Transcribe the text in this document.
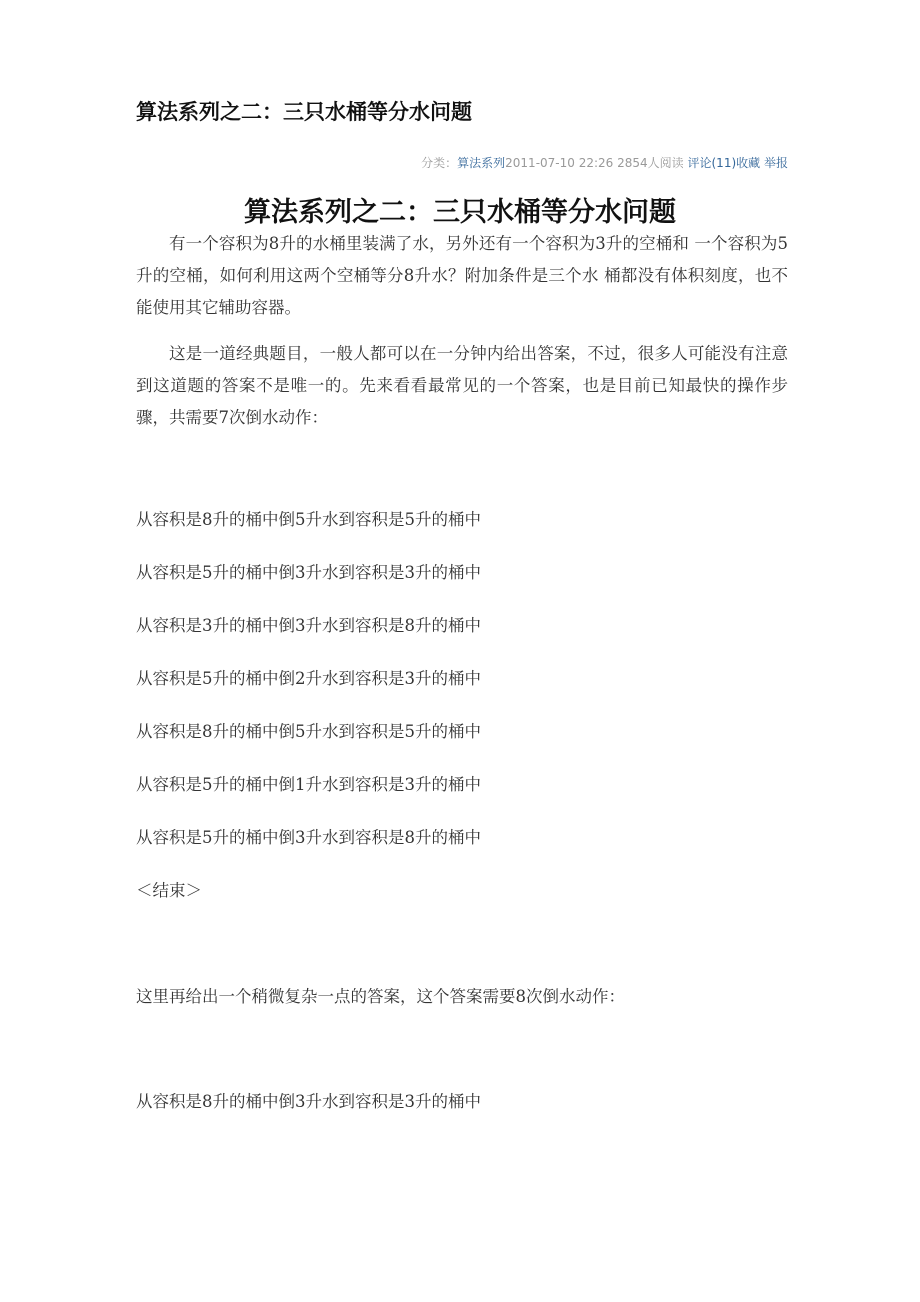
算法系列之二：三只水桶等分水问题
分类：算法系列2011-07-10 22:26 2854人阅读 评论(11)收藏 举报
算法系列之二：三只水桶等分水问题

有一个容积为8升的水桶里装满了水，另外还有一个容积为3升的空桶和 一个容积为5升的空桶，如何利用这两个空桶等分8升水？附加条件是三个水 桶都没有体积刻度，也不能使用其它辅助容器。

这是一道经典题目，一般人都可以在一分钟内给出答案，不过，很多人可能没有注意到这道题的答案不是唯一的。先来看看最常见的一个答案，也是目前已知最快的操作步骤，共需要7次倒水动作：

从容积是8升的桶中倒5升水到容积是5升的桶中

从容积是5升的桶中倒3升水到容积是3升的桶中

从容积是3升的桶中倒3升水到容积是8升的桶中

从容积是5升的桶中倒2升水到容积是3升的桶中

从容积是8升的桶中倒5升水到容积是5升的桶中

从容积是5升的桶中倒1升水到容积是3升的桶中

从容积是5升的桶中倒3升水到容积是8升的桶中

＜结束＞

这里再给出一个稍微复杂一点的答案，这个答案需要8次倒水动作：

从容积是8升的桶中倒3升水到容积是3升的桶中
